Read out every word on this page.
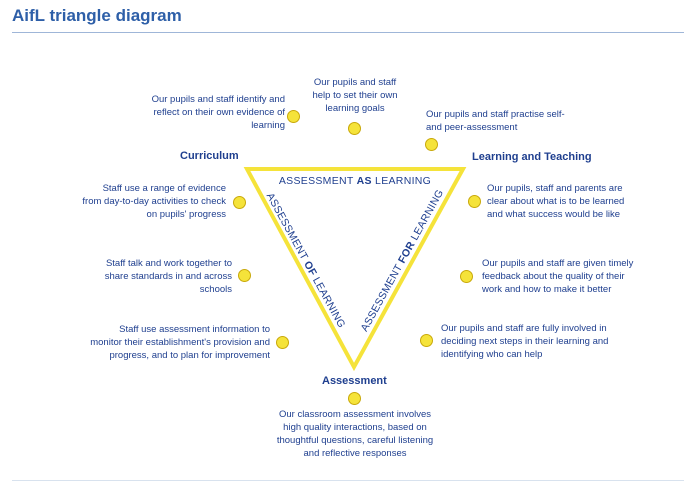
AifL triangle diagram
ASSESSMENT AS LEARNING
ASSESSMENT OF LEARNING ASSESSMENT FOR LEARNING
Curriculum	Learning and Teaching
Assessment
Our pupils and staff identify and
reflect on their own evidence of
learning
Our pupils and staff
help to set their own
learning goals
Our pupils and staff practise self-
and peer-assessment
Staff use a range of evidence
from day-to-day activities to check
on pupils' progress
Staff talk and work together to
share standards in and across
schools
Staff use assessment information to
monitor their establishment's provision and
progress, and to plan for improvement
Our pupils, staff and parents are
clear about what is to be learned
and what success would be like
Our pupils and staff are given timely
feedback about the quality of their
work and how to make it better
Our pupils and staff are fully involved in
deciding next steps in their learning and
identifying who can help
Our classroom assessment involves
high quality interactions, based on
thoughtful questions, careful listening
and reflective responses
